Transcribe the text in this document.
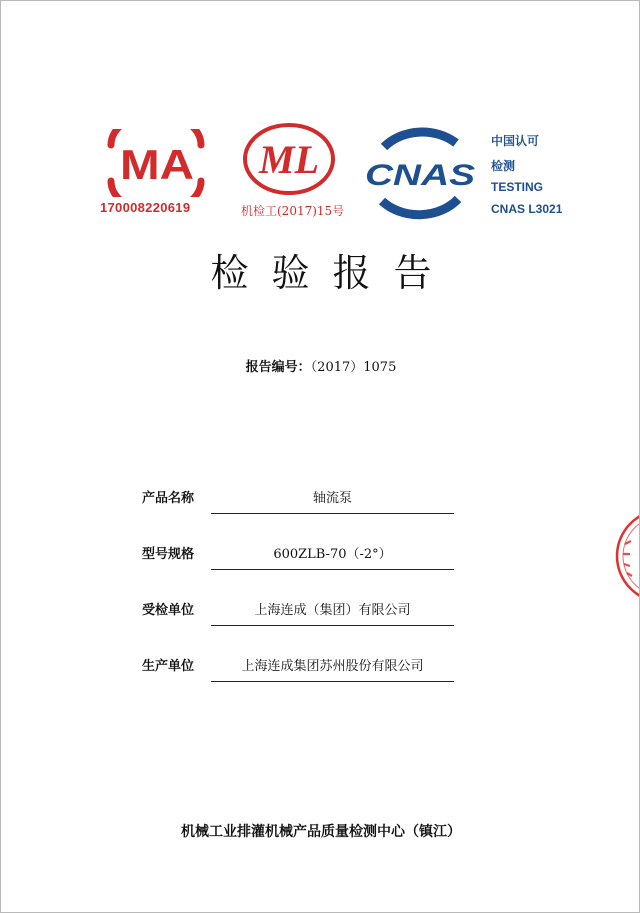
MA
170008220619
ML
机检工(2017)15号
CNAS
中国认可
检测
TESTING
CNAS L3021
检验报告
报告编号：（2017）1075
产品名称	轴流泵
型号规格	600ZLB-70（-2°）
受检单位	上海连成（集团）有限公司
生产单位	上海连成集团苏州股份有限公司
机械工业排灌机械产品质量检测中心（镇江）
